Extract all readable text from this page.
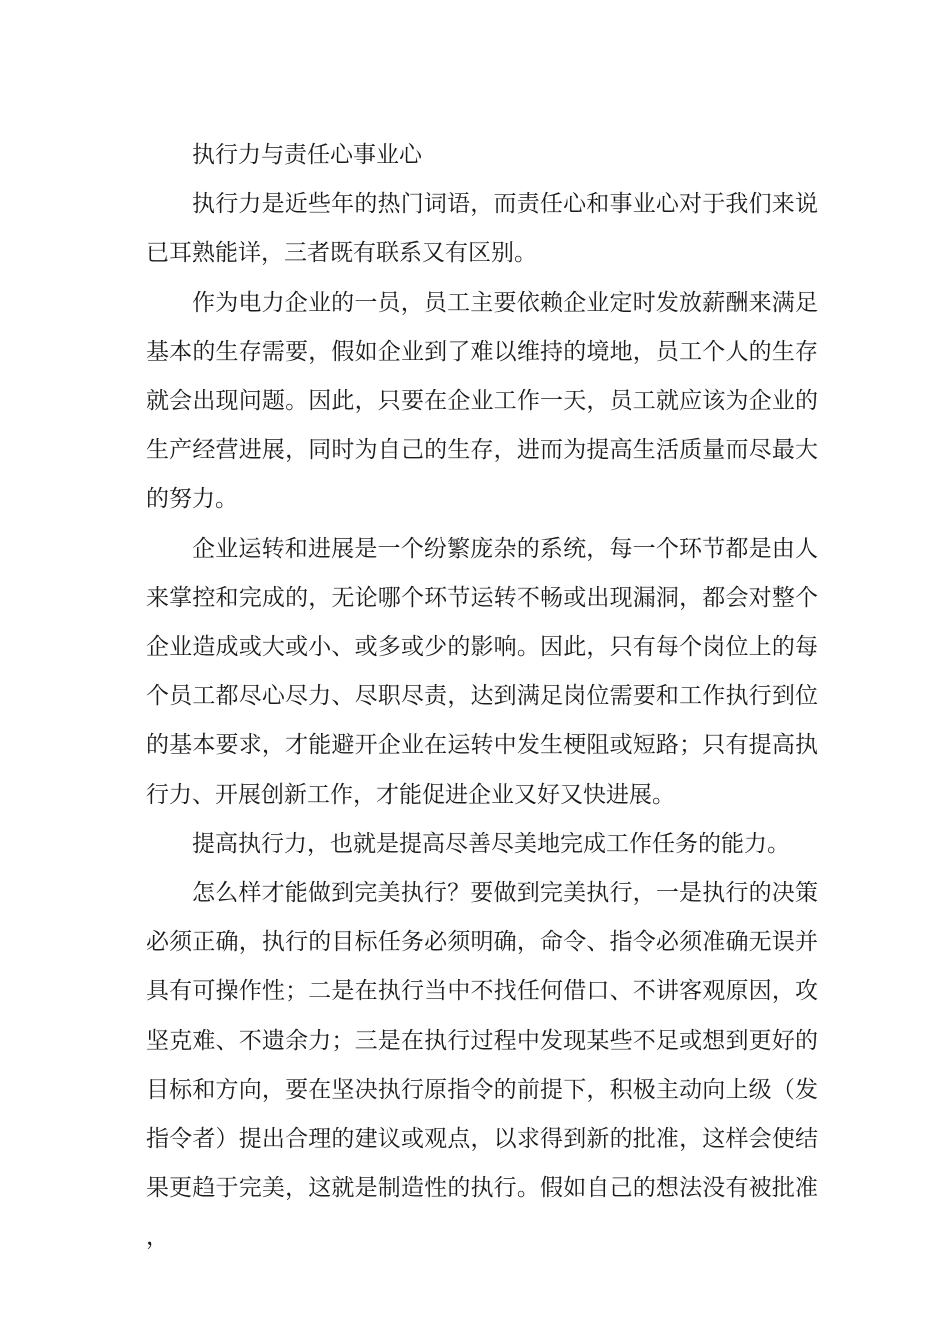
执行力与责任心事业心

执行力是近些年的热门词语，而责任心和事业心对于我们来说已耳熟能详，三者既有联系又有区别。

作为电力企业的一员，员工主要依赖企业定时发放薪酬来满足基本的生存需要，假如企业到了难以维持的境地，员工个人的生存就会出现问题。因此，只要在企业工作一天，员工就应该为企业的生产经营进展，同时为自己的生存，进而为提高生活质量而尽最大的努力。

企业运转和进展是一个纷繁庞杂的系统，每一个环节都是由人来掌控和完成的，无论哪个环节运转不畅或出现漏洞，都会对整个企业造成或大或小、或多或少的影响。因此，只有每个岗位上的每个员工都尽心尽力、尽职尽责，达到满足岗位需要和工作执行到位的基本要求，才能避开企业在运转中发生梗阻或短路；只有提高执行力、开展创新工作，才能促进企业又好又快进展。

提高执行力，也就是提高尽善尽美地完成工作任务的能力。

怎么样才能做到完美执行？要做到完美执行，一是执行的决策必须正确，执行的目标任务必须明确，命令、指令必须准确无误并具有可操作性；二是在执行当中不找任何借口、不讲客观原因，攻坚克难、不遗余力；三是在执行过程中发现某些不足或想到更好的目标和方向，要在坚决执行原指令的前提下，积极主动向上级（发指令者）提出合理的建议或观点，以求得到新的批准，这样会使结果更趋于完美，这就是制造性的执行。假如自己的想法没有被批准，
